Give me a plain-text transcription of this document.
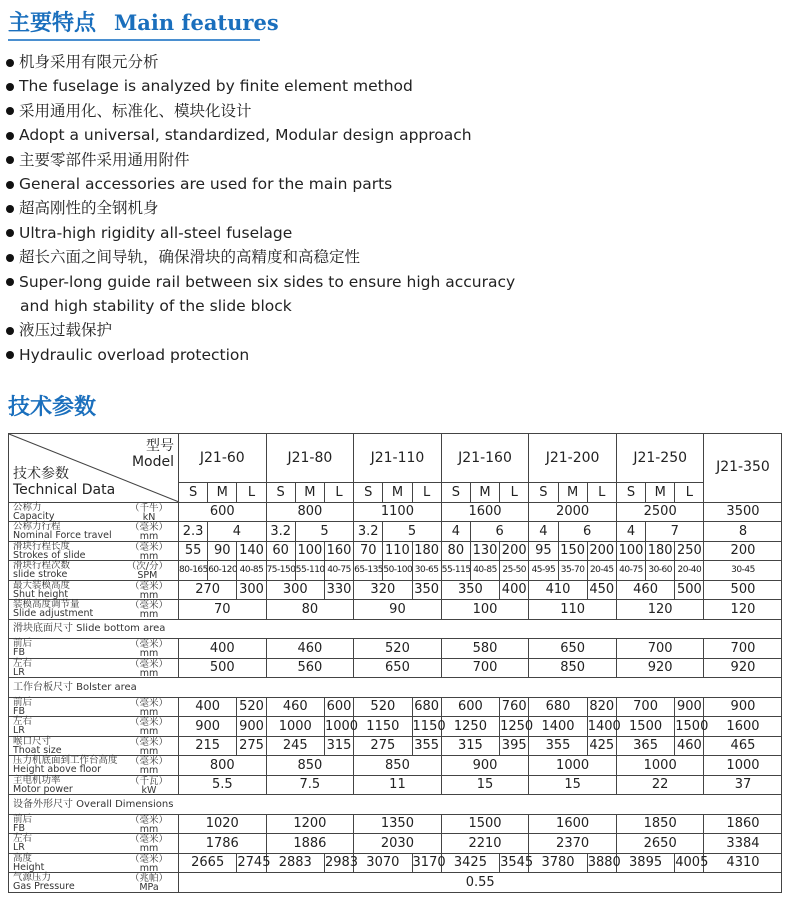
主要特点 Main features
机身采用有限元分析
The fuselage is analyzed by finite element method
采用通用化、标准化、模块化设计
Adopt a universal, standardized, Modular design approach
主要零部件采用通用附件
General accessories are used for the main parts
超高刚性的全钢机身
Ultra-high rigidity all-steel fuselage
超长六面之间导轨，确保滑块的高精度和高稳定性
Super-long guide rail between six sides to ensure high accuracy
and high stability of the slide block
液压过载保护
Hydraulic overload protection
技术参数
型号
Model
技术参数
Technical Data	J21-60			J21-80			J21-110			J21-160			J21-200			J21-250			J21-350
	S	M	L	S	M	L	S	M	L	S	M	L	S	M	L	S	M	L	

公称力
Capacity
（千牛）
kN	600			800			1100			1600			2000			2500			3500

公称力行程
Nominal Force travel
（毫米）
mm	2.3	4		3.2	5		3.2	5		4	6		4	6		4	7		8

滑块行程长度
Strokes of slide
（毫米）
mm	55	90	140	60	100	160	70	110	180	80	130	200	95	150	200	100	180	250	200

滑块行程次数
slide stroke
（次/分）
SPM	80-165	60-120	40-85	75-150	55-110	40-75	65-135	50-100	30-65	55-115	40-85	25-50	45-95	35-70	20-45	40-75	30-60	20-40	30-45

最大装模高度
Shut height
（毫米）
mm	270		300	300		330	320		350	350		400	410		450	460		500	500

装模高度调节量
Slide adjustment
（毫米）
mm	70			80			90			100			110			120			120
滑块底面尺寸 Slide bottom area																			

前后
FB
（毫米）
mm	400			460			520			580			650			700			700

左右
LR
（毫米）
mm	500			560			650			700			850			920			920
工作台板尺寸 Bolster area																			

前后
FB
（毫米）
mm	400		520	460		600	520		680	600		760	680		820	700		900	900

左右
LR
（毫米）
mm	900		900	1000		1000	1150		1150	1250		1250	1400		1400	1500		1500	1600

喉口尺寸
Thoat size
（毫米）
mm	215		275	245		315	275		355	315		395	355		425	365		460	465

压力机底面到工作台高度
Height above floor
（毫米）
mm	800			850			850			900			1000			1000			1000

主电机功率
Motor power
（千瓦）
kW	5.5			7.5			11			15			15			22			37
设备外形尺寸 Overall Dimensions																			

前后
FB
（毫米）
mm	1020			1200			1350			1500			1600			1850			1860

左右
LR
（毫米）
mm	1786			1886			2030			2210			2370			2650			3384

高度
Height
（毫米）
mm	2665		2745	2883		2983	3070		3170	3425		3545	3780		3880	3895		4005	4310

气源压力
Gas Pressure
（兆帕）
MPa	0.55																		
